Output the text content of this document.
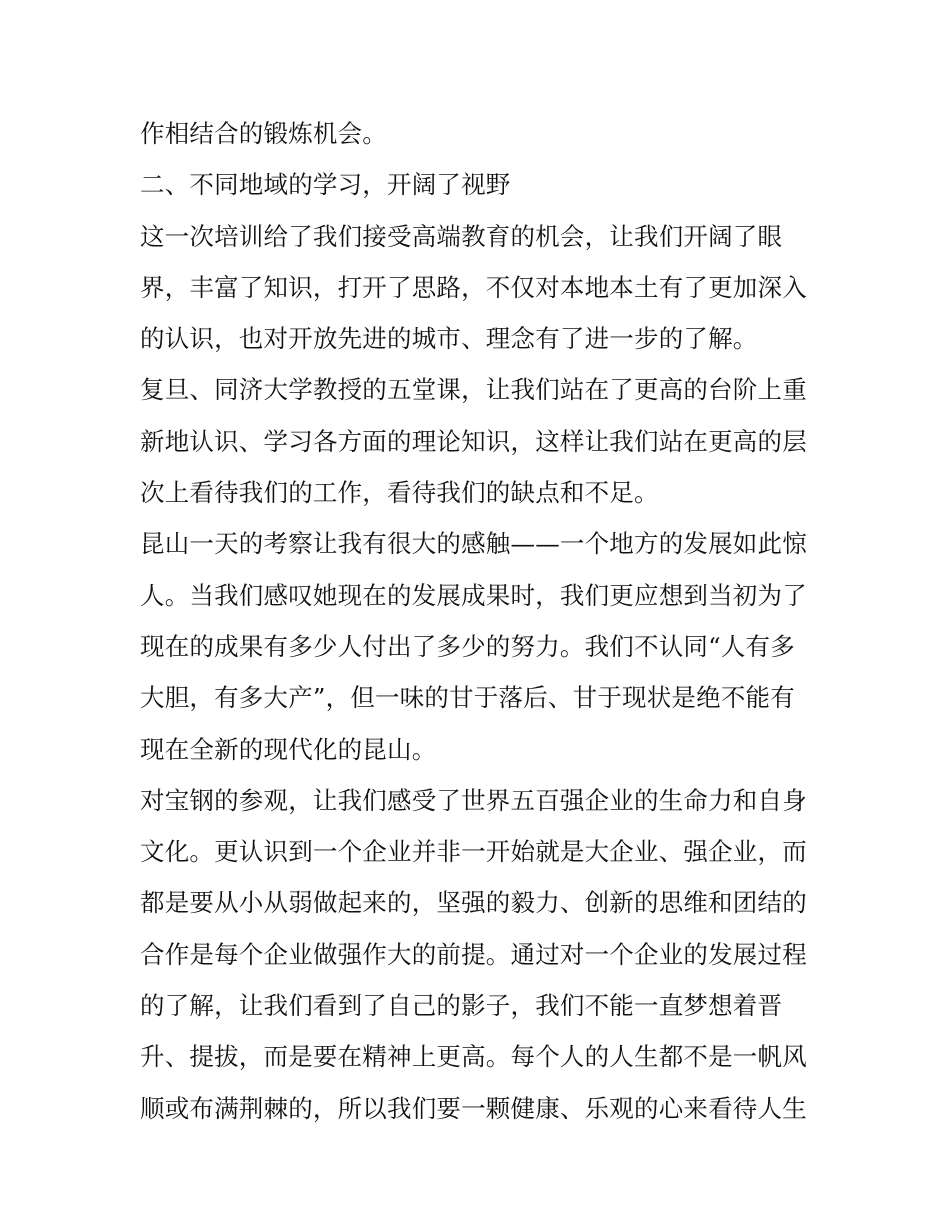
作相结合的锻炼机会。
二、不同地域的学习，开阔了视野
这一次培训给了我们接受高端教育的机会，让我们开阔了眼
界，丰富了知识，打开了思路，不仅对本地本土有了更加深入
的认识，也对开放先进的城市、理念有了进一步的了解。
复旦、同济大学教授的五堂课，让我们站在了更高的台阶上重
新地认识、学习各方面的理论知识，这样让我们站在更高的层
次上看待我们的工作，看待我们的缺点和不足。
昆山一天的考察让我有很大的感触——一个地方的发展如此惊
人。当我们感叹她现在的发展成果时，我们更应想到当初为了
现在的成果有多少人付出了多少的努力。我们不认同“人有多
大胆，有多大产”，但一味的甘于落后、甘于现状是绝不能有
现在全新的现代化的昆山。
对宝钢的参观，让我们感受了世界五百强企业的生命力和自身
文化。更认识到一个企业并非一开始就是大企业、强企业，而
都是要从小从弱做起来的，坚强的毅力、创新的思维和团结的
合作是每个企业做强作大的前提。通过对一个企业的发展过程
的了解，让我们看到了自己的影子，我们不能一直梦想着晋
升、提拔，而是要在精神上更高。每个人的人生都不是一帆风
顺或布满荆棘的，所以我们要一颗健康、乐观的心来看待人生
